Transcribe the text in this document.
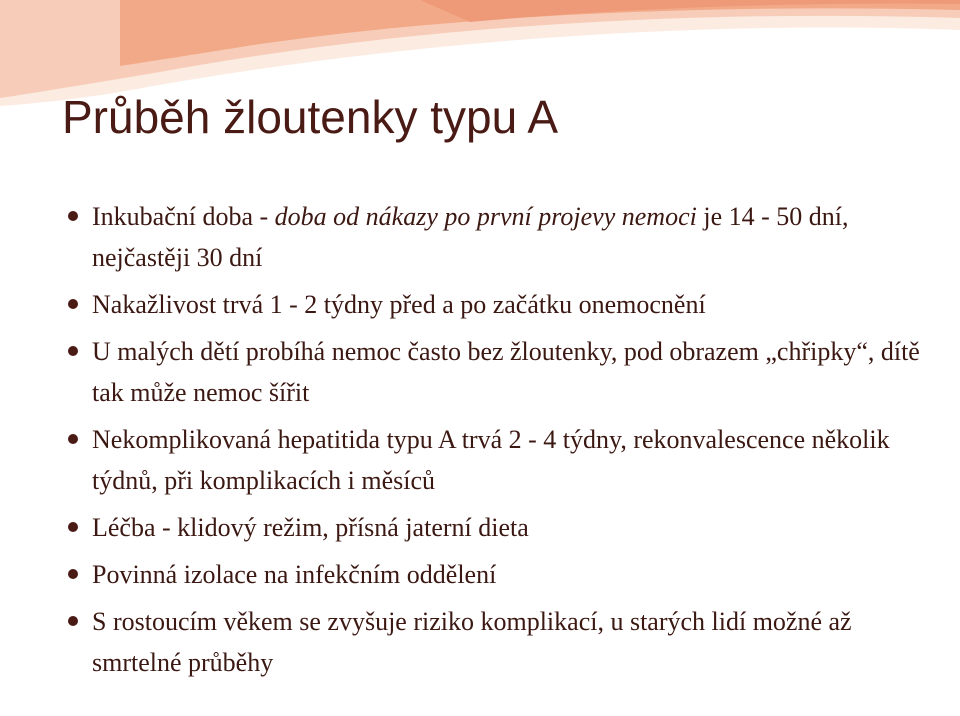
Průběh žloutenky typu A
Inkubační doba - doba od nákazy po první projevy nemoci je 14 - 50 dní, nejčastěji 30 dní
Nakažlivost trvá 1 - 2 týdny před a po začátku onemocnění
U malých dětí probíhá nemoc často bez žloutenky, pod obrazem „chřipky“, dítě tak může nemoc šířit
Nekomplikovaná hepatitida typu A trvá 2 - 4 týdny, rekonvalescence několik týdnů, při komplikacích i měsíců
Léčba - klidový režim, přísná jaterní dieta
Povinná izolace na infekčním oddělení
S rostoucím věkem se zvyšuje riziko komplikací, u starých lidí možné až smrtelné průběhy
